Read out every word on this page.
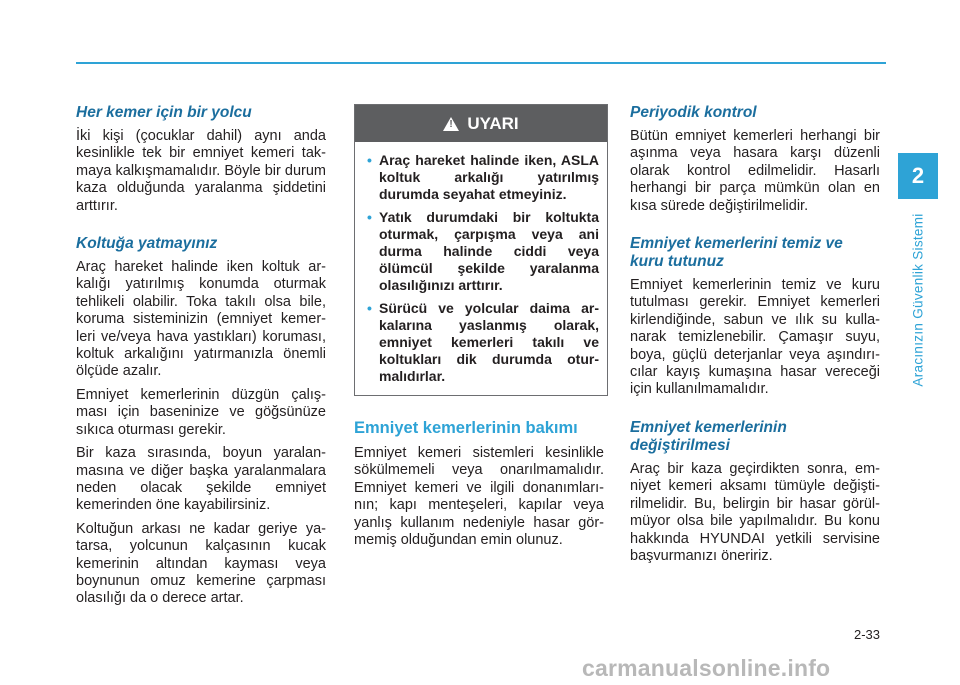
Her kemer için bir yolcu
İki kişi (çocuklar dahil) aynı anda kesinlikle tek bir emniyet kemeri takmaya kalkışmamalıdır. Böyle bir durum kaza olduğunda yaralanma şiddetini arttırır.
Koltuğa yatmayınız
Araç hareket halinde iken koltuk arkalığı yatırılmış konumda oturmak tehlikeli olabilir. Toka takılı olsa bile, koruma sisteminizin (emniyet kemerleri ve/veya hava yastıkları) koruması, koltuk arkalığını yatırmanızla önemli ölçüde azalır.
Emniyet kemerlerinin düzgün çalışması için baseninize ve göğsünüze sıkıca oturması gerekir.
Bir kaza sırasında, boyun yaralanmasına ve diğer başka yaralanmalara neden olacak şekilde emniyet kemerinden öne kayabilirsiniz.
Koltuğun arkası ne kadar geriye yatarsa, yolcunun kalçasının kucak kemerinin altından kayması veya boynunun omuz kemerine çarpması olasılığı da o derece artar.
!
UYARI
• Araç hareket halinde iken, ASLA koltuk arkalığı yatırılmış durumda seyahat etmeyiniz.
• Yatık durumdaki bir koltukta oturmak, çarpışma veya ani durma halinde ciddi veya ölümcül şekilde yaralanma olasılığınızı arttırır.
• Sürücü ve yolcular daima arkalarına yaslanmış olarak, emniyet kemerleri takılı ve koltukları dik durumda oturmalıdırlar.
Emniyet kemerlerinin bakımı
Emniyet kemeri sistemleri kesinlikle sökülmemeli veya onarılmamalıdır. Emniyet kemeri ve ilgili donanımlarının; kapı menteşeleri, kapılar veya yanlış kullanım nedeniyle hasar görmemiş olduğundan emin olunuz.
Periyodik kontrol
Bütün emniyet kemerleri herhangi bir aşınma veya hasara karşı düzenli olarak kontrol edilmelidir. Hasarlı herhangi bir parça mümkün olan en kısa sürede değiştirilmelidir.
Emniyet kemerlerini temiz ve
kuru tutunuz
Emniyet kemerlerinin temiz ve kuru tutulması gerekir. Emniyet kemerleri kirlendiğinde, sabun ve ılık su kullanarak temizlenebilir. Çamaşır suyu, boya, güçlü deterjanlar veya aşındırıcılar kayış kumaşına hasar vereceği için kullanılmamalıdır.
Emniyet kemerlerinin
değiştirilmesi
Araç bir kaza geçirdikten sonra, emniyet kemeri aksamı tümüyle değiştirilmelidir. Bu, belirgin bir hasar görülmüyor olsa bile yapılmalıdır. Bu konu hakkında HYUNDAI yetkili servisine başvurmanızı öneririz.
2
Aracınızın Güvenlik Sistemi
2-33
carmanualsonline.info
